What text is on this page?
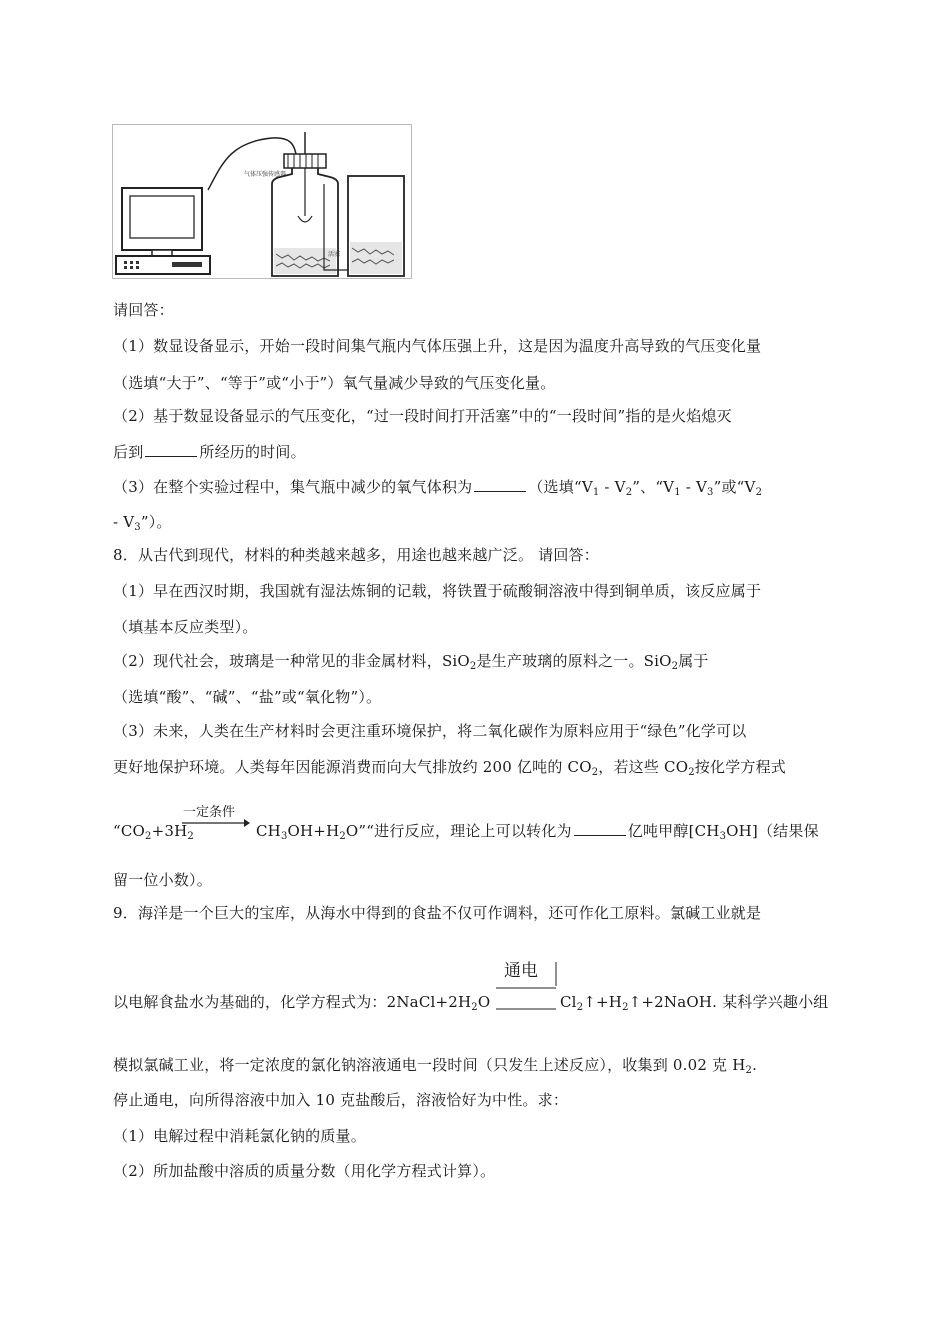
气体压强传感器
活塞
请回答：
（1）数显设备显示，开始一段时间集气瓶内气体压强上升，这是因为温度升高导致的气压变化量
（选填“大于”、“等于”或“小于”）氧气量减少导致的气压变化量。
（2）基于数显设备显示的气压变化，“过一段时间打开活塞”中的“一段时间”指的是火焰熄灭
后到	所经历的时间。
（3）在整个实验过程中，集气瓶中减少的氧气体积为	（选填“$V_1 - V_2$”、“$V_1 - V_3$”或“$V_2$
- $V_3$”）。
8．从古代到现代，材料的种类越来越多，用途也越来越广泛。 请回答：
（1）早在西汉时期，我国就有湿法炼铜的记载，将铁置于硫酸铜溶液中得到铜单质，该反应属于
（填基本反应类型）。
（2）现代社会，玻璃是一种常见的非金属材料，SiO$_2$是生产玻璃的原料之一。SiO$_2$属于
（选填“酸”、“碱”、“盐”或“氧化物”）。
（3）未来，人类在生产材料时会更注重环境保护，将二氧化碳作为原料应用于“绿色”化学可以
更好地保护环境。人类每年因能源消费而向大气排放约 200 亿吨的 $CO_2$，若这些 $CO_2$按化学方程式
“$CO_2+3H_2$
一定条件
$CH_3OH+H_2O”“$进行反应，理论上可以转化为	亿吨甲醇$[CH_3OH]$（结果保
留一位小数）。
9．海洋是一个巨大的宝库，从海水中得到的食盐不仅可作调料，还可作化工原料。氯碱工业就是
通电
以电解食盐水为基础的，化学方程式为：$2NaCl+2H_2O$	$Cl_2↑+H_2↑+2NaOH$. 某科学兴趣小组
模拟氯碱工业，将一定浓度的氯化钠溶液通电一段时间（只发生上述反应），收集到 0.02 克 $H_2$.
停止通电，向所得溶液中加入 10 克盐酸后，溶液恰好为中性。求：
（1）电解过程中消耗氯化钠的质量。
（2）所加盐酸中溶质的质量分数（用化学方程式计算）。
